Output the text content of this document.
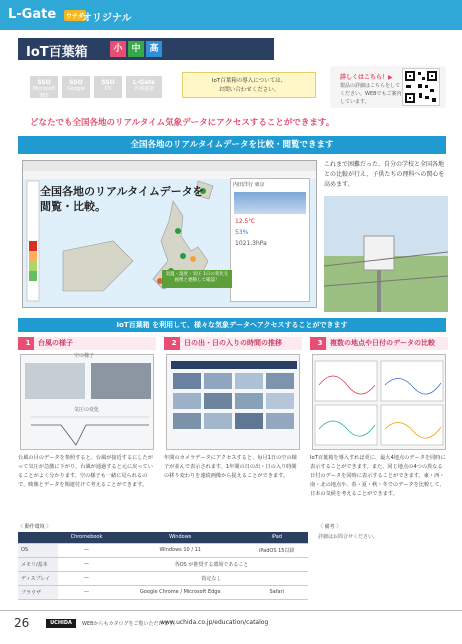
L-Gate	ウチダ
オリジナル
IoT百葉箱	小 中 高
SSO
Microsoft 365
SSO
Google
SSO
LTI
L-Gate
名簿連携
IoT百葉箱の導入については、
お問い合わせください。
詳しくはこちら！▶
製品の詳細はこちらをしてください。WEBでもご案内しています。
どなたでも全国各地のリアルタイム気象データにアクセスすることができます。
全国各地のリアルタイムデータを比較・閲覧できます
全国各地のリアルタイムデータを
閲覧・比較。
内田洋行 東京
12.5℃
53%
1021.3hPa
気温・湿度・気圧 1日の変化を画像と連動して確認！
これまで困難だった、自分の学校と全国各地との比較が行え、子供たちの理科への関心を高めます。
IoT百葉箱 を利用して、様々な気象データへアクセスすることができます
1	台風の様子	2	日の出・日の入りの時間の推移	3	複数の地点や日付のデータの比較
空の様子
気圧の変化
台風の目のデータを参照すると、台風が接近するにしたがって気圧が急激に下がり、台風が通過すると元に戻っていることがよく分かります。空の様子も一緒に見られるので、映像とデータを関連付けて考えることができます。
年間のカメラデータにアクセスすると、毎月1日の空の様子が並んで表示されます。1年間の日の出・日の入り時間の移り変わりを連続画像から捉えることができます。
IoT百葉箱を導入すれば更に、最大4地点のデータを同時に表示することができます。また、同じ地点の4つの異なる日付のデータを同時に表示することができます。東・西・南・北の地点や、春・夏・秋・冬でのデータを比較して、日本の気候を考えることができます。
〈 動作環境 〉
	Chromebook	Windows	iPad
OS	—	Windows 10 / 11	iPadOS 15以降
メモリ/基本	—	各OS が推奨する環境であること	
ディスプレイ	—	指定なし	
ブラウザ	—	Google Chrome / Microsoft Edge	Safari
〈 備考 〉
詳細はお問合せください。
26	UCHIDA	WEBからもカタログをご覧いただけます。
www.uchida.co.jp/education/catalog
